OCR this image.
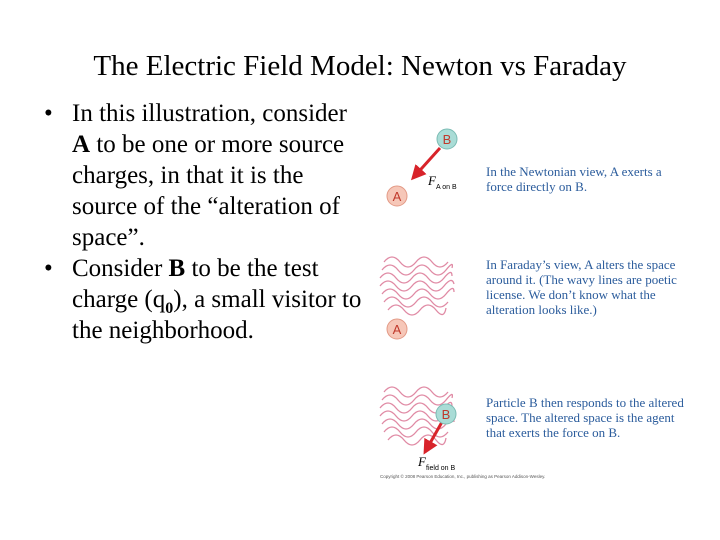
The Electric Field Model: Newton vs Faraday
• In this illustration, consider A to be one or more source charges, in that it is the source of the “alteration of space”.
• Consider B to be the test charge $(q_0)$, a small visitor to the neighborhood.
B
A
F A on B
A
B
F field on B
In the Newtonian view, A exerts a force directly on B.
In Faraday’s view, A alters the space around it. (The wavy lines are poetic license. We don’t know what the alteration looks like.)
Particle B then responds to the altered space. The altered space is the agent that exerts the force on B.
Copyright © 2008 Pearson Education, Inc., publishing as Pearson Addison-Wesley.
